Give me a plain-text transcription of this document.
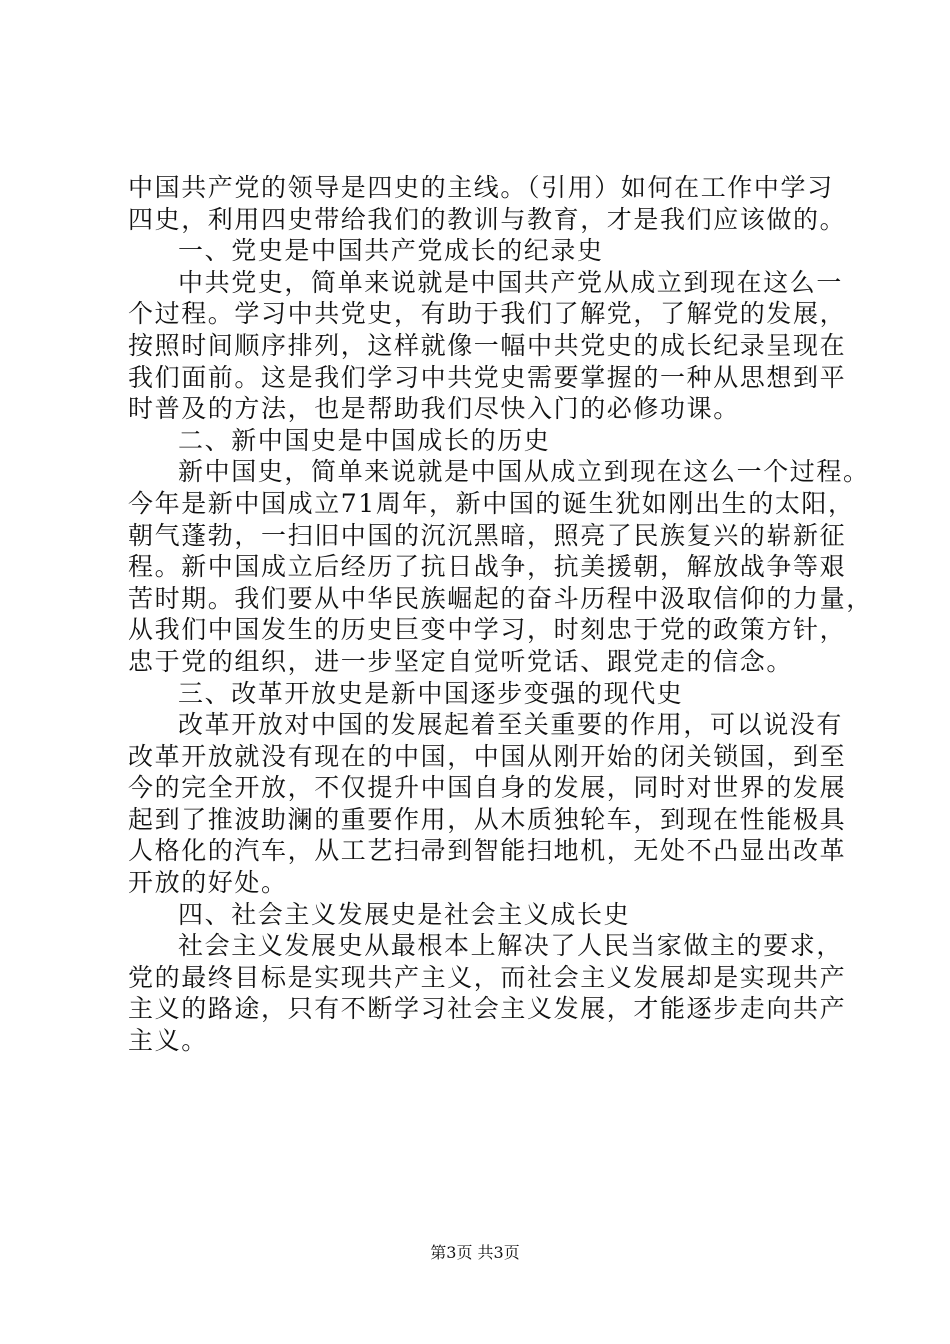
中国共产党的领导是四史的主线。（引用）如何在工作中学习
四史，利用四史带给我们的教训与教育，才是我们应该做的。
一、党史是中国共产党成长的纪录史
中共党史，简单来说就是中国共产党从成立到现在这么一
个过程。学习中共党史，有助于我们了解党，了解党的发展，
按照时间顺序排列，这样就像一幅中共党史的成长纪录呈现在
我们面前。这是我们学习中共党史需要掌握的一种从思想到平
时普及的方法，也是帮助我们尽快入门的必修功课。
二、新中国史是中国成长的历史
新中国史，简单来说就是中国从成立到现在这么一个过程。
今年是新中国成立71周年，新中国的诞生犹如刚出生的太阳，
朝气蓬勃，一扫旧中国的沉沉黑暗，照亮了民族复兴的崭新征
程。新中国成立后经历了抗日战争，抗美援朝，解放战争等艰
苦时期。我们要从中华民族崛起的奋斗历程中汲取信仰的力量，
从我们中国发生的历史巨变中学习，时刻忠于党的政策方针，
忠于党的组织，进一步坚定自觉听党话、跟党走的信念。
三、改革开放史是新中国逐步变强的现代史
改革开放对中国的发展起着至关重要的作用，可以说没有
改革开放就没有现在的中国，中国从刚开始的闭关锁国，到至
今的完全开放，不仅提升中国自身的发展，同时对世界的发展
起到了推波助澜的重要作用，从木质独轮车，到现在性能极具
人格化的汽车，从工艺扫帚到智能扫地机，无处不凸显出改革
开放的好处。
四、社会主义发展史是社会主义成长史
社会主义发展史从最根本上解决了人民当家做主的要求，
党的最终目标是实现共产主义，而社会主义发展却是实现共产
主义的路途，只有不断学习社会主义发展，才能逐步走向共产
主义。
第3页 共3页
